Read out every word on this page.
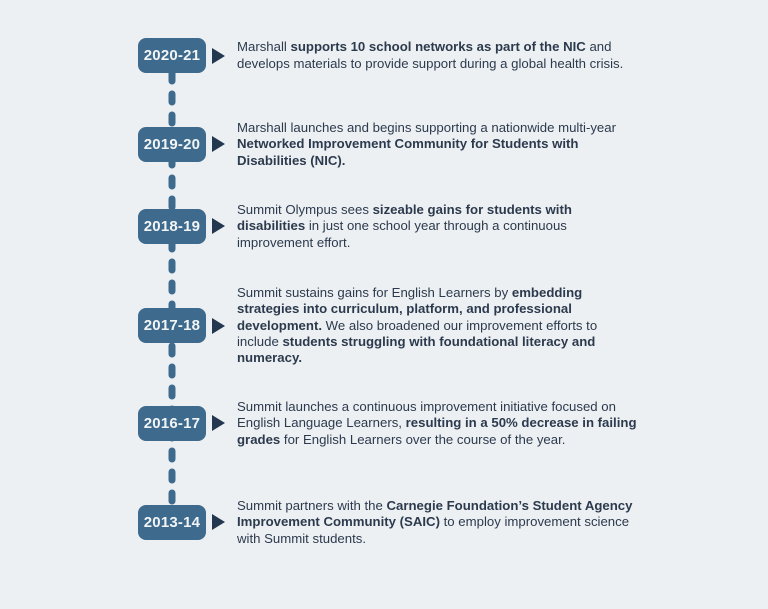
2020-21

Marshall supports 10 school networks as part of the NIC and develops materials to provide support during a global health crisis.

2019-20

Marshall launches and begins supporting a nationwide multi-year Networked Improvement Community for Students with Disabilities (NIC).

2018-19

Summit Olympus sees sizeable gains for students with disabilities in just one school year through a continuous improvement effort.

2017-18

Summit sustains gains for English Learners by embedding strategies into curriculum, platform, and professional development. We also broadened our improvement efforts to include students struggling with foundational literacy and numeracy.

2016-17

Summit launches a continuous improvement initiative focused on English Language Learners, resulting in a 50% decrease in failing grades for English Learners over the course of the year.

2013-14

Summit partners with the Carnegie Foundation’s Student Agency Improvement Community (SAIC) to employ improvement science with Summit students.
